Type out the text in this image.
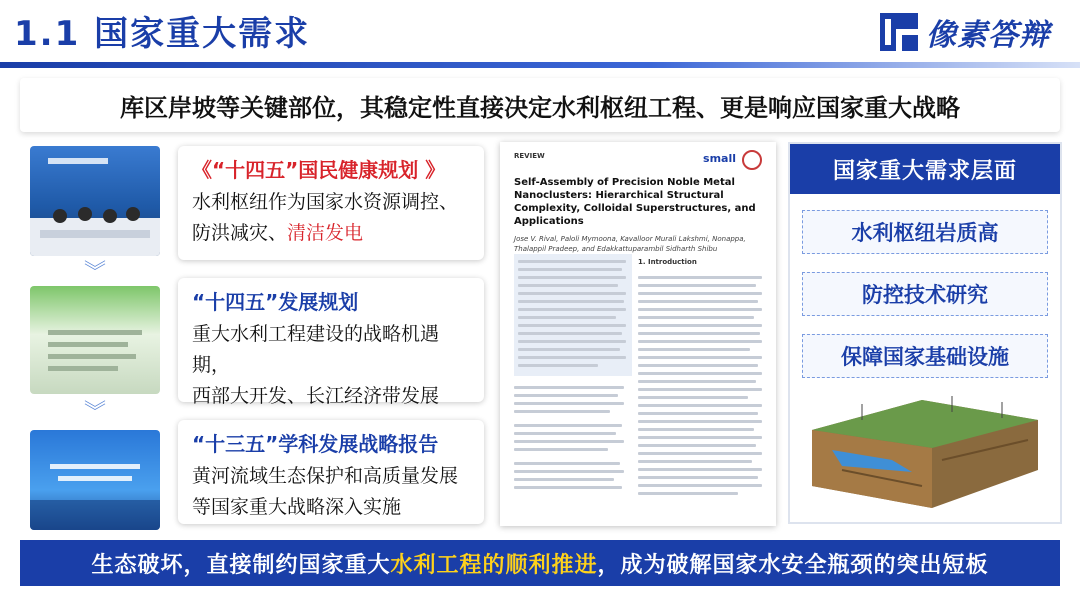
1.1 国家重大需求	像素答辩
库区岸坡等关键部位，其稳定性直接决定水利枢纽工程、更是响应国家重大战略
︾
︾
《“十四五”国民健康规划 》
水利枢纽作为国家水资源调控、
防洪减灾、清洁发电
“十四五”发展规划
重大水利工程建设的战略机遇期，
西部大开发、长江经济带发展
“十三五”学科发展战略报告
黄河流域生态保护和高质量发展
等国家重大战略深入实施
REVIEW	small
Self-Assembly of Precision Noble Metal Nanoclusters: Hierarchical Structural Complexity, Colloidal Superstructures, and Applications
Jose V. Rival, Paloli Mymoona, Kavalloor Murali Lakshmi, Nonappa, Thalappil Pradeep, and Edakkattuparambil Sidharth Shibu
1. Introduction
国家重大需求层面
水利枢纽岩质高
防控技术研究
保障国家基础设施
生态破坏，直接制约国家重大 水利工程的顺利推进 ，成为破解国家水安全瓶颈的突出短板
